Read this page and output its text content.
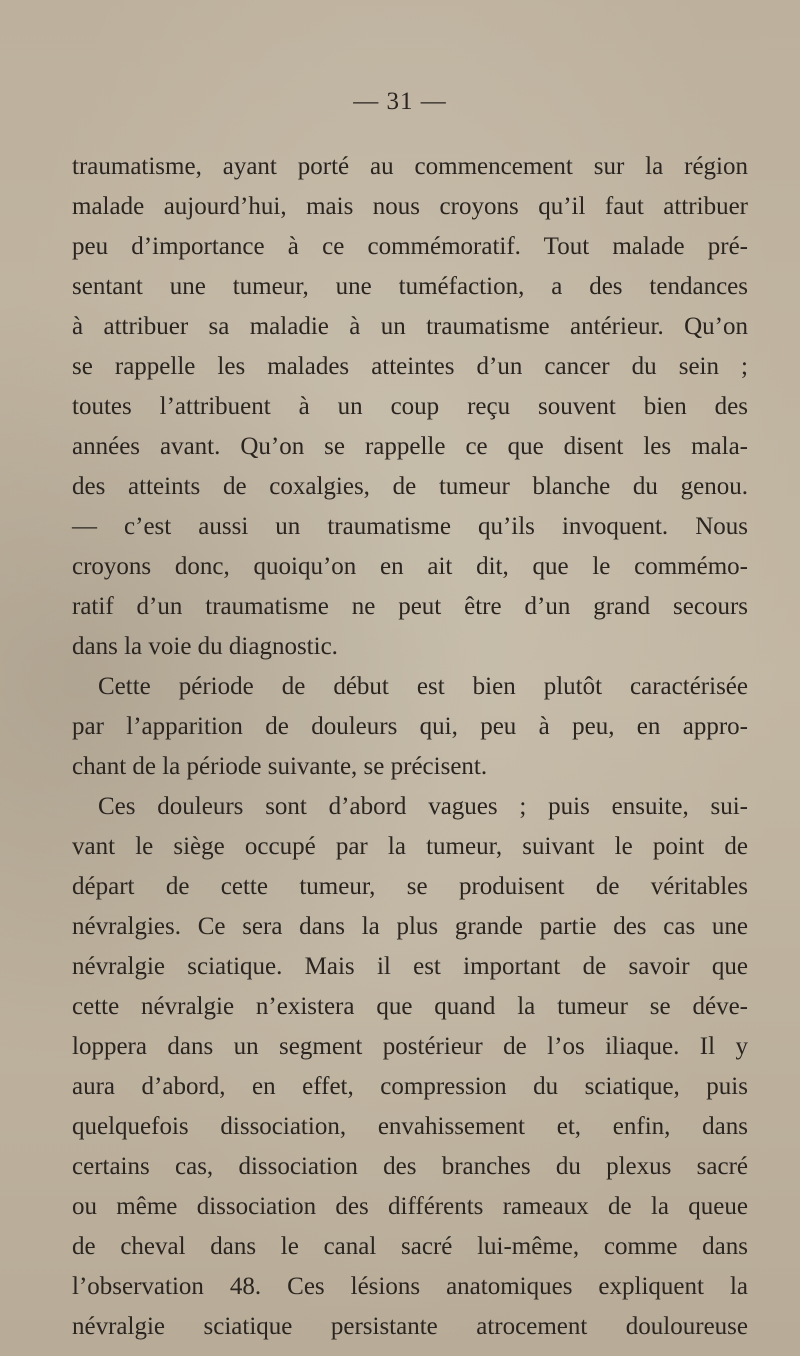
— 31 —
traumatisme, ayant porté au commencement sur la région
malade aujourd’hui, mais nous croyons qu’il faut attribuer
peu d’importance à ce commémoratif. Tout malade pré-
sentant une tumeur, une tuméfaction, a des tendances
à attribuer sa maladie à un traumatisme antérieur. Qu’on
se rappelle les malades atteintes d’un cancer du sein ;
toutes l’attribuent à un coup reçu souvent bien des
années avant. Qu’on se rappelle ce que disent les mala-
des atteints de coxalgies, de tumeur blanche du genou.
— c’est aussi un traumatisme qu’ils invoquent. Nous
croyons donc, quoiqu’on en ait dit, que le commémo-
ratif d’un traumatisme ne peut être d’un grand secours
dans la voie du diagnostic.
Cette période de début est bien plutôt caractérisée
par l’apparition de douleurs qui, peu à peu, en appro-
chant de la période suivante, se précisent.
Ces douleurs sont d’abord vagues ; puis ensuite, sui-
vant le siège occupé par la tumeur, suivant le point de
départ de cette tumeur, se produisent de véritables
névralgies. Ce sera dans la plus grande partie des cas une
névralgie sciatique. Mais il est important de savoir que
cette névralgie n’existera que quand la tumeur se déve-
loppera dans un segment postérieur de l’os iliaque. Il y
aura d’abord, en effet, compression du sciatique, puis
quelquefois dissociation, envahissement et, enfin, dans
certains cas, dissociation des branches du plexus sacré
ou même dissociation des différents rameaux de la queue
de cheval dans le canal sacré lui-même, comme dans
l’observation 48. Ces lésions anatomiques expliquent la
névralgie sciatique persistante atrocement douloureuse
